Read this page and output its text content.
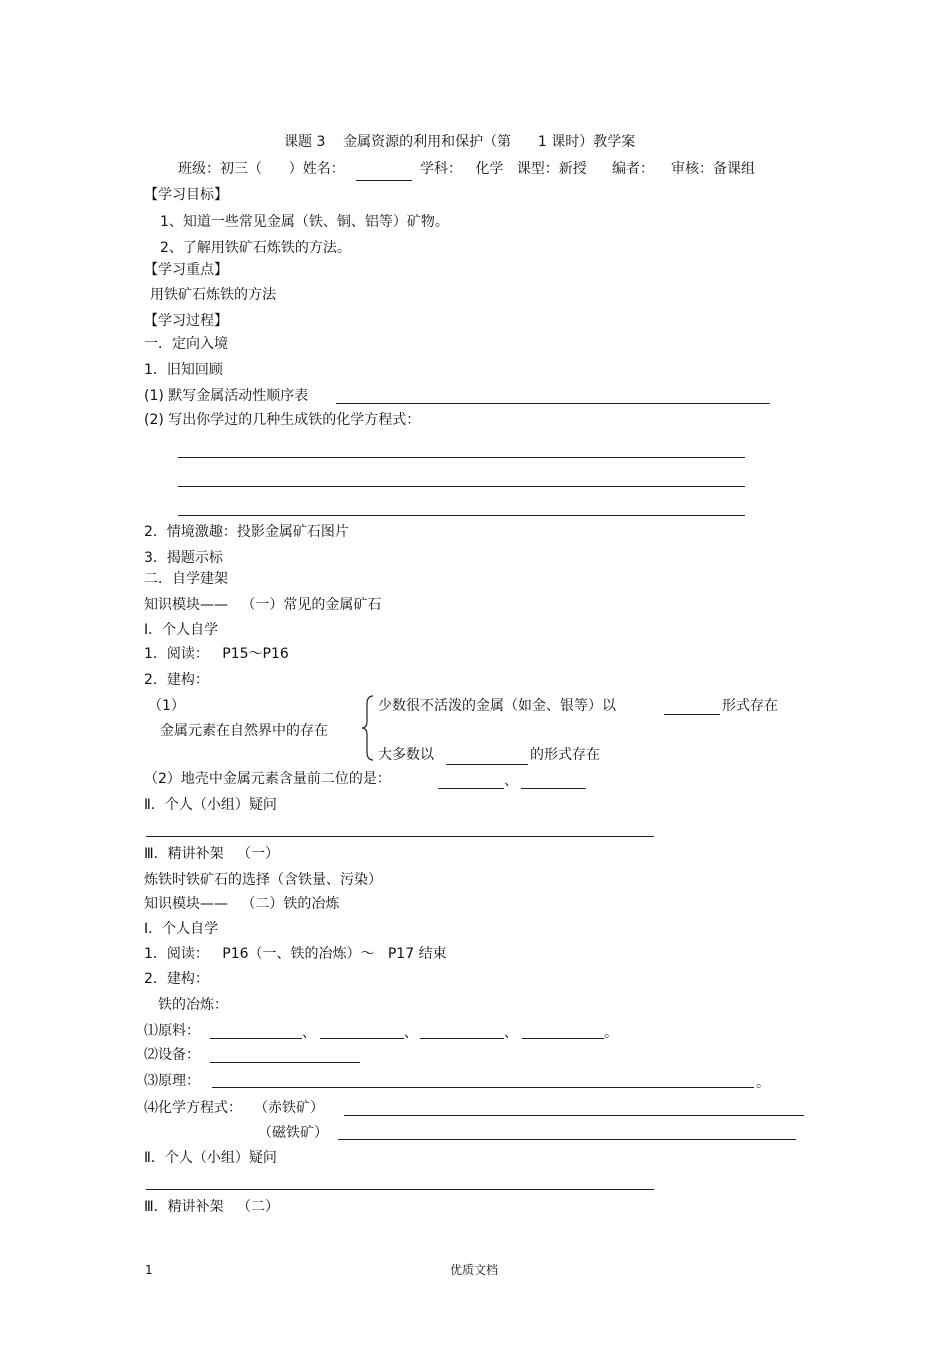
课题 3    金属资源的利用和保护（第      1 课时）教学案
班级：初三（      ）姓名：	学科：   化学   课型：新授 编者： 审核：备课组
【学习目标】
1、知道一些常见金属（铁、铜、铝等）矿物。
2、了解用铁矿石炼铁的方法。
【学习重点】
用铁矿石炼铁的方法
【学习过程】
一．定向入境
1．旧知回顾
(1) 默写金属活动性顺序表
(2) 写出你学过的几种生成铁的化学方程式：
2．情境激趣：投影金属矿石图片
3．揭题示标
二．自学建架
知识模块——   （一）常见的金属矿石
Ⅰ．个人自学
1．阅读：   P15～P16
2．建构：
（1）
金属元素在自然界中的存在
少数很不活泼的金属（如金、银等）以	形式存在
大多数以	的形式存在
（2）地壳中金属元素含量前二位的是：	、
Ⅱ．个人（小组）疑问
Ⅲ．精讲补架   （一）
炼铁时铁矿石的选择（含铁量、污染）
知识模块——   （二）铁的冶炼
Ⅰ．个人自学
1．阅读：   P16（一、铁的冶炼）～   P17 结束
2．建构：
铁的冶炼：
⑴原料：	、	、	、	。
⑵设备：
⑶原理：	。
⑷化学方程式： （赤铁矿）
（磁铁矿）
Ⅱ．个人（小组）疑问
Ⅲ．精讲补架   （二）
1	优质文档
